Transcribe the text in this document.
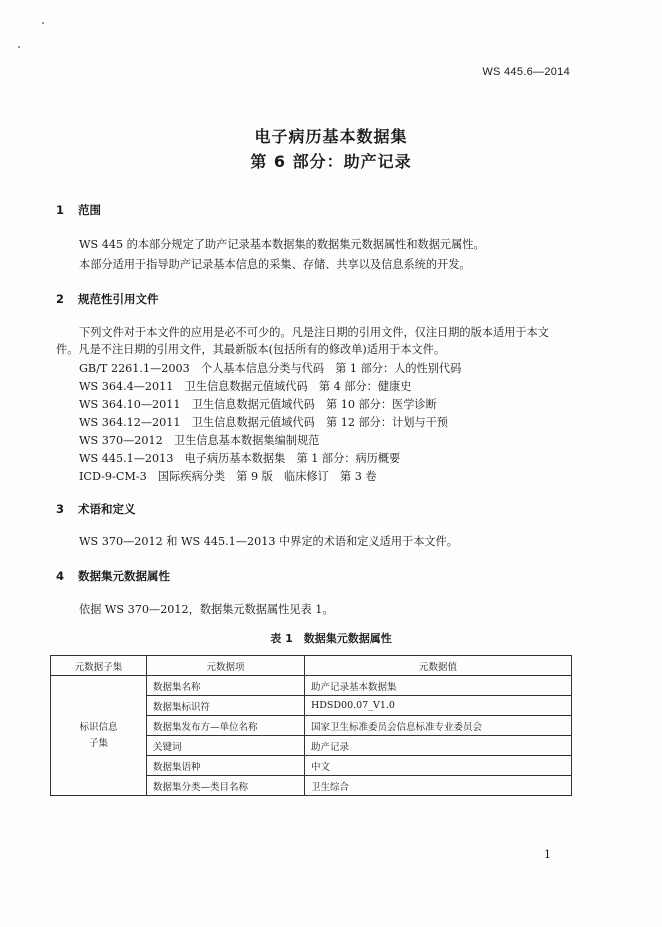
WS 445.6—2014
电子病历基本数据集
第 6 部分：助产记录
1 范围
WS 445 的本部分规定了助产记录基本数据集的数据集元数据属性和数据元属性。
本部分适用于指导助产记录基本信息的采集、存储、共享以及信息系统的开发。
2 规范性引用文件
下列文件对于本文件的应用是必不可少的。凡是注日期的引用文件，仅注日期的版本适用于本文
件。凡是不注日期的引用文件，其最新版本(包括所有的修改单)适用于本文件。
GB/T 2261.1—2003　个人基本信息分类与代码　第 1 部分：人的性别代码
WS 364.4—2011　卫生信息数据元值域代码　第 4 部分：健康史
WS 364.10—2011　卫生信息数据元值域代码　第 10 部分：医学诊断
WS 364.12—2011　卫生信息数据元值域代码　第 12 部分：计划与干预
WS 370—2012　卫生信息基本数据集编制规范
WS 445.1—2013　电子病历基本数据集　第 1 部分：病历概要
ICD-9-CM-3　国际疾病分类　第 9 版　临床修订　第 3 卷
3 术语和定义
WS 370—2012 和 WS 445.1—2013 中界定的术语和定义适用于本文件。
4 数据集元数据属性
依据 WS 370—2012，数据集元数据属性见表 1。
表 1　数据集元数据属性
元数据子集	元数据项	元数据值
标识信息
子集	数据集名称	助产记录基本数据集
	数据集标识符	HDSD00.07_V1.0
	数据集发布方—单位名称	国家卫生标准委员会信息标准专业委员会
	关键词	助产记录
	数据集语种	中文
	数据集分类—类目名称	卫生综合
1
